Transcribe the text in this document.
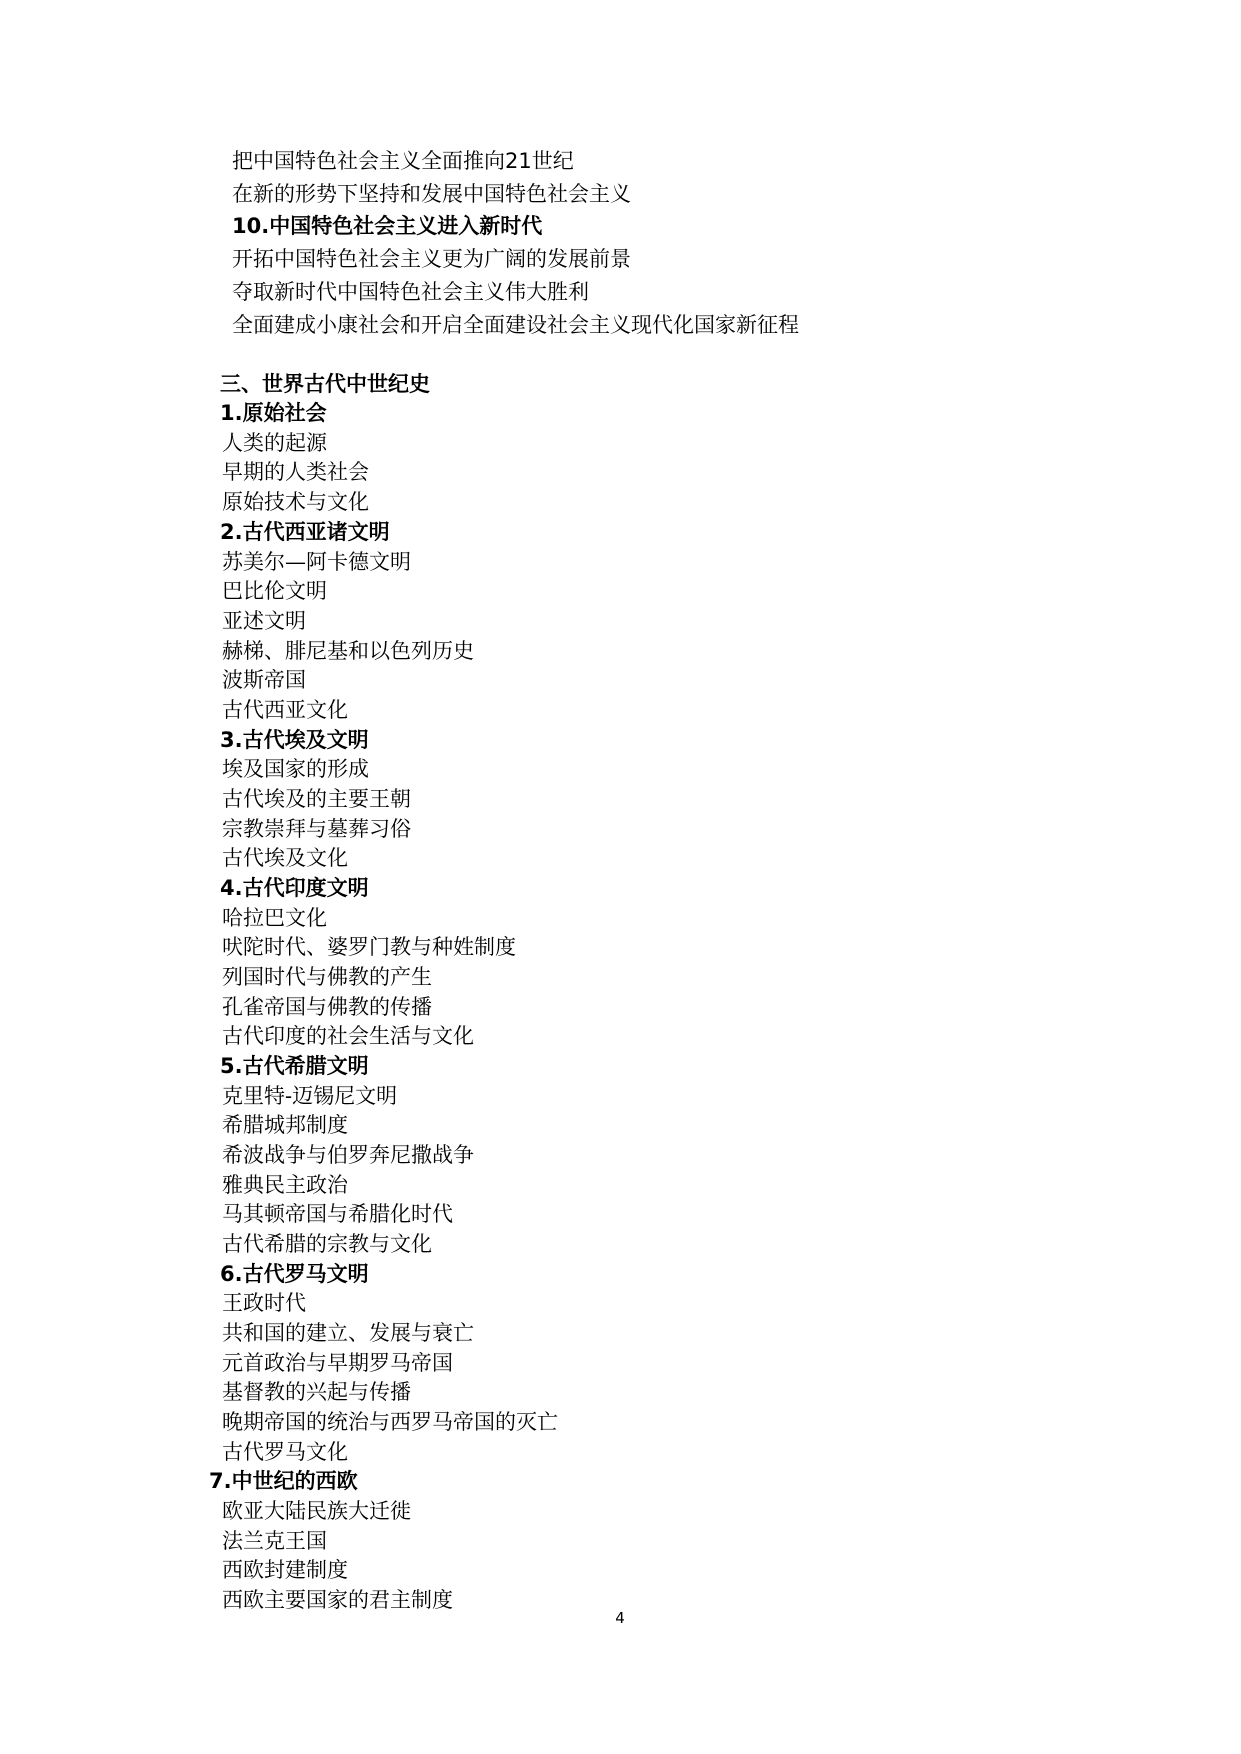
把中国特色社会主义全面推向21世纪
在新的形势下坚持和发展中国特色社会主义
10.中国特色社会主义进入新时代
开拓中国特色社会主义更为广阔的发展前景
夺取新时代中国特色社会主义伟大胜利
全面建成小康社会和开启全面建设社会主义现代化国家新征程
三、世界古代中世纪史
1.原始社会
人类的起源
早期的人类社会
原始技术与文化
2.古代西亚诸文明
苏美尔—阿卡德文明
巴比伦文明
亚述文明
赫梯、腓尼基和以色列历史
波斯帝国
古代西亚文化
3.古代埃及文明
埃及国家的形成
古代埃及的主要王朝
宗教崇拜与墓葬习俗
古代埃及文化
4.古代印度文明
哈拉巴文化
吠陀时代、婆罗门教与种姓制度
列国时代与佛教的产生
孔雀帝国与佛教的传播
古代印度的社会生活与文化
5.古代希腊文明
克里特-迈锡尼文明
希腊城邦制度
希波战争与伯罗奔尼撒战争
雅典民主政治
马其顿帝国与希腊化时代
古代希腊的宗教与文化
6.古代罗马文明
王政时代
共和国的建立、发展与衰亡
元首政治与早期罗马帝国
基督教的兴起与传播
晚期帝国的统治与西罗马帝国的灭亡
古代罗马文化
7.中世纪的西欧
欧亚大陆民族大迁徙
法兰克王国
西欧封建制度
西欧主要国家的君主制度
4
